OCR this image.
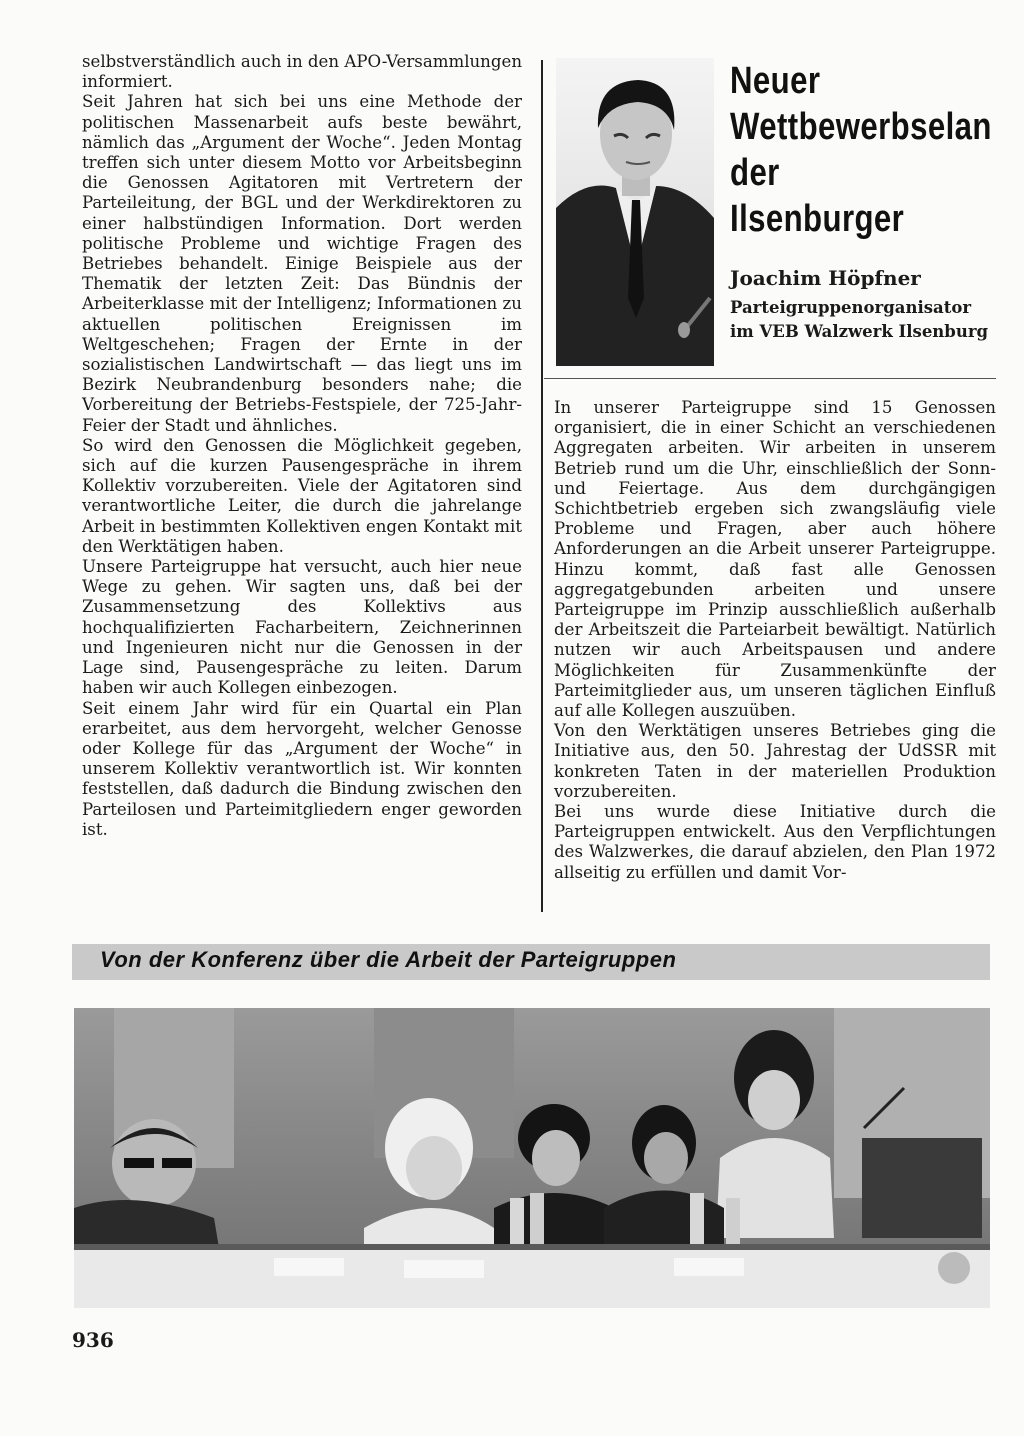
selbstverständlich auch in den APO-Versammlungen informiert.

Seit Jahren hat sich bei uns eine Methode der politischen Massenarbeit aufs beste bewährt, nämlich das „Argument der Woche“. Jeden Montag treffen sich unter diesem Motto vor Arbeitsbeginn die Genossen Agitatoren mit Vertretern der Parteileitung, der BGL und der Werkdirektoren zu einer halbstündigen Information. Dort werden politische Probleme und wichtige Fragen des Betriebes behandelt. Einige Beispiele aus der Thematik der letzten Zeit: Das Bündnis der Arbeiterklasse mit der Intelligenz; Informationen zu aktuellen politischen Ereignissen im Weltgeschehen; Fragen der Ernte in der sozialistischen Landwirtschaft — das liegt uns im Bezirk Neubrandenburg besonders nahe; die Vorbereitung der Betriebs-Festspiele, der 725-Jahr-Feier der Stadt und ähnliches.

So wird den Genossen die Möglichkeit gegeben, sich auf die kurzen Pausengespräche in ihrem Kollektiv vorzubereiten. Viele der Agitatoren sind verantwortliche Leiter, die durch die jahrelange Arbeit in bestimmten Kollektiven engen Kontakt mit den Werktätigen haben.

Unsere Parteigruppe hat versucht, auch hier neue Wege zu gehen. Wir sagten uns, daß bei der Zusammensetzung des Kollektivs aus hochqualifizierten Facharbeitern, Zeichnerinnen und Ingenieuren nicht nur die Genossen in der Lage sind, Pausengespräche zu leiten. Darum haben wir auch Kollegen einbezogen.

Seit einem Jahr wird für ein Quartal ein Plan erarbeitet, aus dem hervorgeht, welcher Genosse oder Kollege für das „Argument der Woche“ in unserem Kollektiv verantwortlich ist. Wir konnten feststellen, daß dadurch die Bindung zwischen den Parteilosen und Parteimitgliedern enger geworden ist.

Neuer Wettbewerbselan der Ilsenburger
Joachim Höpfner
Parteigruppenorganisator im VEB Walzwerk Ilsenburg

In unserer Parteigruppe sind 15 Genossen organisiert, die in einer Schicht an verschiedenen Aggregaten arbeiten. Wir arbeiten in unserem Betrieb rund um die Uhr, einschließlich der Sonn- und Feiertage. Aus dem durchgängigen Schichtbetrieb ergeben sich zwangsläufig viele Probleme und Fragen, aber auch höhere Anforderungen an die Arbeit unserer Parteigruppe. Hinzu kommt, daß fast alle Genossen aggregatgebunden arbeiten und unsere Parteigruppe im Prinzip ausschließlich außerhalb der Arbeitszeit die Parteiarbeit bewältigt. Natürlich nutzen wir auch Arbeitspausen und andere Möglichkeiten für Zusammenkünfte der Parteimitglieder aus, um unseren täglichen Einfluß auf alle Kollegen auszuüben.

Von den Werktätigen unseres Betriebes ging die Initiative aus, den 50. Jahrestag der UdSSR mit konkreten Taten in der materiellen Produktion vorzubereiten.

Bei uns wurde diese Initiative durch die Parteigruppen entwickelt. Aus den Verpflichtungen des Walzwerkes, die darauf abzielen, den Plan 1972 allseitig zu erfüllen und damit Vor-

Von der Konferenz über die Arbeit der Parteigruppen
936
